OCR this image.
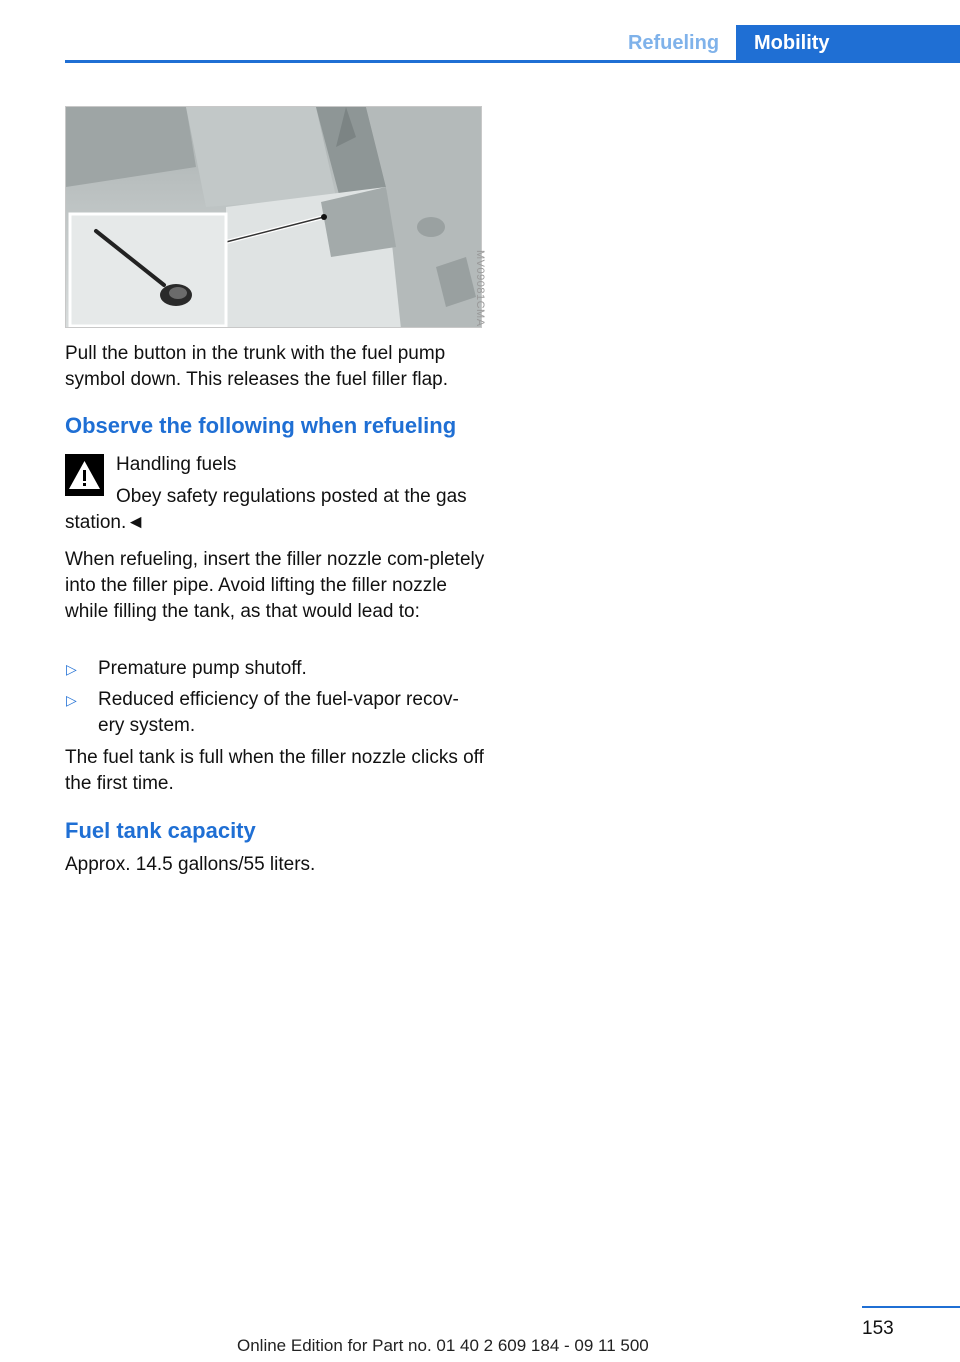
Refueling	Mobility
MV09081CMA
Pull the button in the trunk with the fuel pump symbol down. This releases the fuel filler flap.
Observe the following when refueling
Handling fuels
Obey safety regulations posted at the gas
station.◄
When refueling, insert the filler nozzle com-pletely into the filler pipe. Avoid lifting the filler nozzle while filling the tank, as that would lead to:
▷ Premature pump shutoff.
▷ Reduced efficiency of the fuel-vapor recov-ery system.
The fuel tank is full when the filler nozzle clicks off the first time.
Fuel tank capacity
Approx. 14.5 gallons/55 liters.
153
Online Edition for Part no. 01 40 2 609 184 - 09 11 500
